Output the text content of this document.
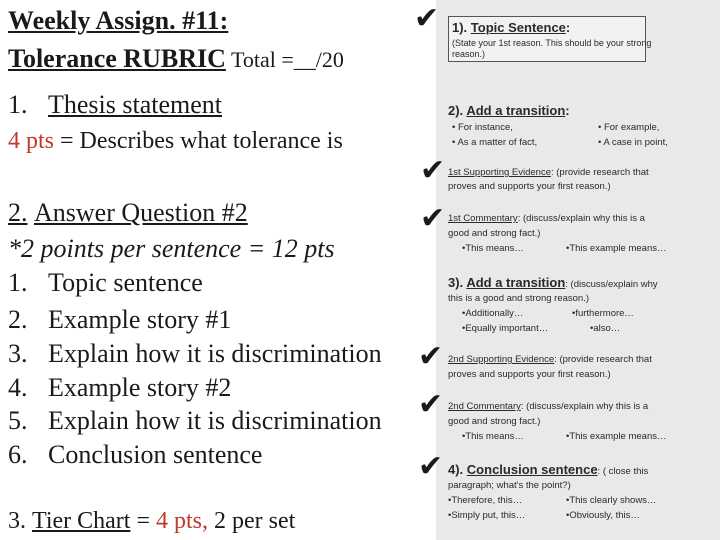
Weekly Assign. #11:
Tolerance RUBRIC Total =__/20
1. Thesis statement
4 pts = Describes what tolerance is
2. Answer Question #2
*2 points per sentence = 12 pts
1. Topic sentence
2. Example story #1
3. Explain how it is discrimination
4. Example story #2
5. Explain how it is discrimination
6. Conclusion sentence
3. Tier Chart = 4 pts, 2 per set
1). Topic Sentence:
(State your 1st reason. This should be your strong
reason.)
2). Add a transition:
• For instance,	• For example,
• As a matter of fact,	• A case in point,
1st Supporting Evidence: (provide research that
proves and supports your first reason.)
1st Commentary: (discuss/explain why this is a
good and strong fact.)
•This means…	•This example means…
3). Add a transition: (discuss/explain why
this is a good and strong reason.)
•Additionally…	•furthermore…
•Equally important…	•also…
2nd Supporting Evidence: (provide research that
proves and supports your first reason.)
2nd Commentary: (discuss/explain why this is a
good and strong fact.)
•This means…	•This example means…
4). Conclusion sentence: ( close this
paragraph; what's the point?)
•Therefore, this…	•This clearly shows…
•Simply put, this…	•Obviously, this…
✔
✔
✔
✔
✔
✔
